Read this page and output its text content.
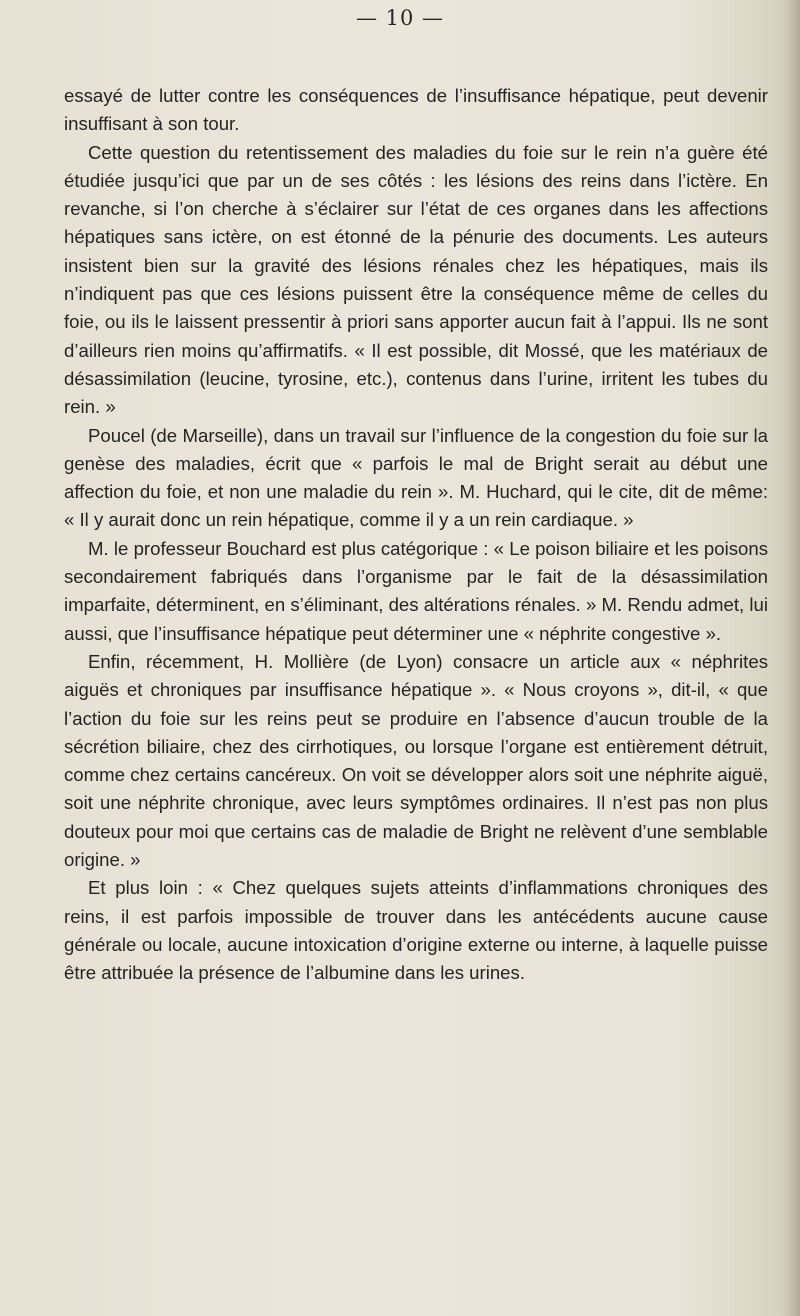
— 10 —

essayé de lutter contre les conséquences de l’insuffisance hépatique, peut devenir insuffisant à son tour.

Cette question du retentissement des maladies du foie sur le rein n’a guère été étudiée jusqu’ici que par un de ses côtés : les lésions des reins dans l’ictère. En revanche, si l’on cherche à s’éclairer sur l’état de ces organes dans les affections hépatiques sans ictère, on est étonné de la pénurie des documents. Les auteurs insistent bien sur la gravité des lésions rénales chez les hépatiques, mais ils n’indiquent pas que ces lésions puissent être la conséquence même de celles du foie, ou ils le laissent pressentir à priori sans apporter aucun fait à l’appui. Ils ne sont d’ailleurs rien moins qu’affirmatifs. « Il est possible, dit Mossé, que les matériaux de désassimilation (leucine, tyrosine, etc.), contenus dans l’urine, irritent les tubes du rein. »

Poucel (de Marseille), dans un travail sur l’influence de la congestion du foie sur la genèse des maladies, écrit que « parfois le mal de Bright serait au début une affection du foie, et non une maladie du rein ». M. Huchard, qui le cite, dit de même: « Il y aurait donc un rein hépatique, comme il y a un rein cardiaque. »

M. le professeur Bouchard est plus catégorique : « Le poison biliaire et les poisons secondairement fabriqués dans l’organisme par le fait de la désassimilation imparfaite, déterminent, en s’éliminant, des altérations rénales. » M. Rendu admet, lui aussi, que l’insuffisance hépatique peut déterminer une « néphrite congestive ».

Enfin, récemment, H. Mollière (de Lyon) consacre un article aux « néphrites aiguës et chroniques par insuffisance hépatique ». « Nous croyons », dit-il, « que l’action du foie sur les reins peut se produire en l’absence d’aucun trouble de la sécrétion biliaire, chez des cirrhotiques, ou lorsque l’organe est entièrement détruit, comme chez certains cancéreux. On voit se développer alors soit une néphrite aiguë, soit une néphrite chronique, avec leurs symptômes ordinaires. Il n’est pas non plus douteux pour moi que certains cas de maladie de Bright ne relèvent d’une semblable origine. »

Et plus loin : « Chez quelques sujets atteints d’inflammations chroniques des reins, il est parfois impossible de trouver dans les antécédents aucune cause générale ou locale, aucune intoxication d’origine externe ou interne, à laquelle puisse être attribuée la présence de l’albumine dans les urines.
